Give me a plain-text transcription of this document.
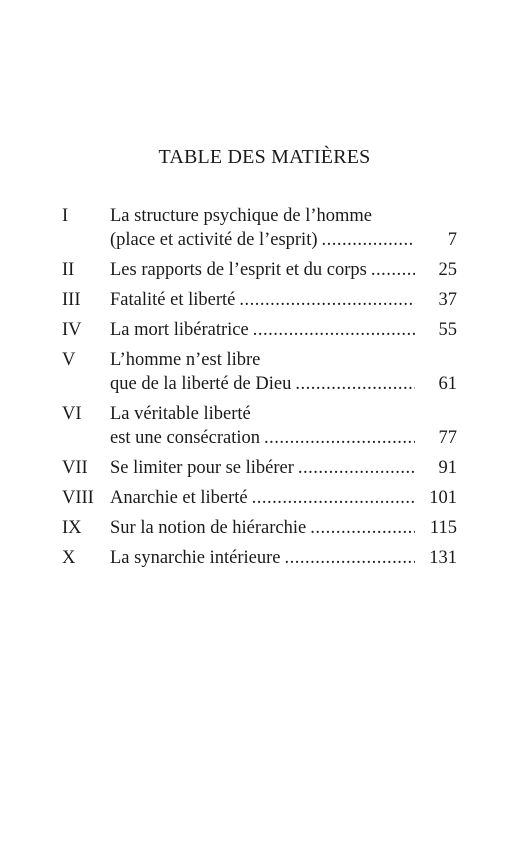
TABLE DES MATIÈRES
I	La structure psychique de l’homme
(place et activité de l’esprit) .....	7
II	Les rapports de l’esprit et du corps .....	25
III	Fatalité et liberté .....	37
IV	La mort libératrice .....	55
V	L’homme n’est libre
que de la liberté de Dieu .....	61
VI	La véritable liberté
est une consécration .....	77
VII	Se limiter pour se libérer .....	91
VIII Anarchie et liberté .....	101
IX	Sur la notion de hiérarchie .....	115
X	La synarchie intérieure .....	131
